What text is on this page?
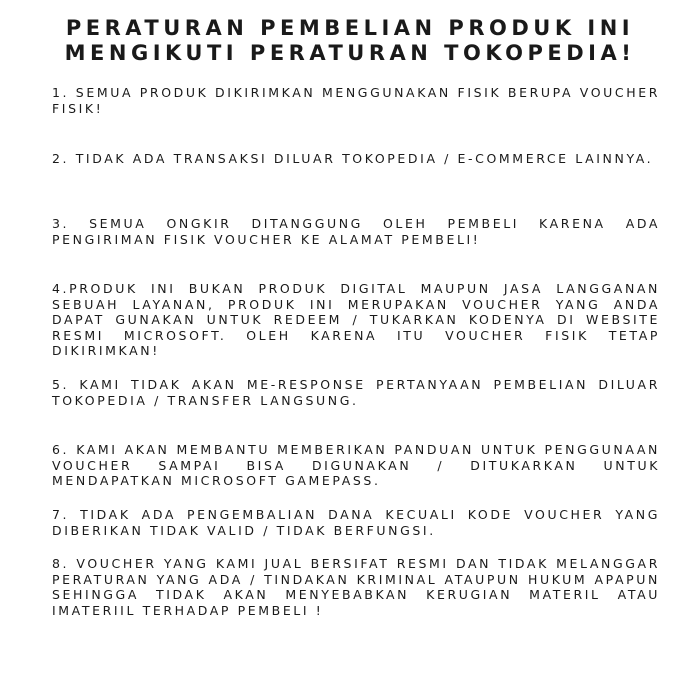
PERATURAN PEMBELIAN PRODUK INI MENGIKUTI PERATURAN TOKOPEDIA!

1. SEMUA PRODUK DIKIRIMKAN MENGGUNAKAN FISIK BERUPA VOUCHER FISIK!

2. TIDAK ADA TRANSAKSI DILUAR TOKOPEDIA / E-COMMERCE LAINNYA.

3. SEMUA ONGKIR DITANGGUNG OLEH PEMBELI KARENA ADA PENGIRIMAN FISIK VOUCHER KE ALAMAT PEMBELI!

4.PRODUK INI BUKAN PRODUK DIGITAL MAUPUN JASA LANGGANAN SEBUAH LAYANAN, PRODUK INI MERUPAKAN VOUCHER YANG ANDA DAPAT GUNAKAN UNTUK REDEEM / TUKARKAN KODENYA DI WEBSITE RESMI MICROSOFT. OLEH KARENA ITU VOUCHER FISIK TETAP DIKIRIMKAN!

5. KAMI TIDAK AKAN ME-RESPONSE PERTANYAAN PEMBELIAN DILUAR TOKOPEDIA / TRANSFER LANGSUNG.

6. KAMI AKAN MEMBANTU MEMBERIKAN PANDUAN UNTUK PENGGUNAAN VOUCHER SAMPAI BISA DIGUNAKAN / DITUKARKAN UNTUK MENDAPATKAN MICROSOFT GAMEPASS.

7. TIDAK ADA PENGEMBALIAN DANA KECUALI KODE VOUCHER YANG DIBERIKAN TIDAK VALID / TIDAK BERFUNGSI.

8. VOUCHER YANG KAMI JUAL BERSIFAT RESMI DAN TIDAK MELANGGAR PERATURAN YANG ADA / TINDAKAN KRIMINAL ATAUPUN HUKUM APAPUN SEHINGGA TIDAK AKAN MENYEBABKAN KERUGIAN MATERIL ATAU IMATERIIL TERHADAP PEMBELI !
